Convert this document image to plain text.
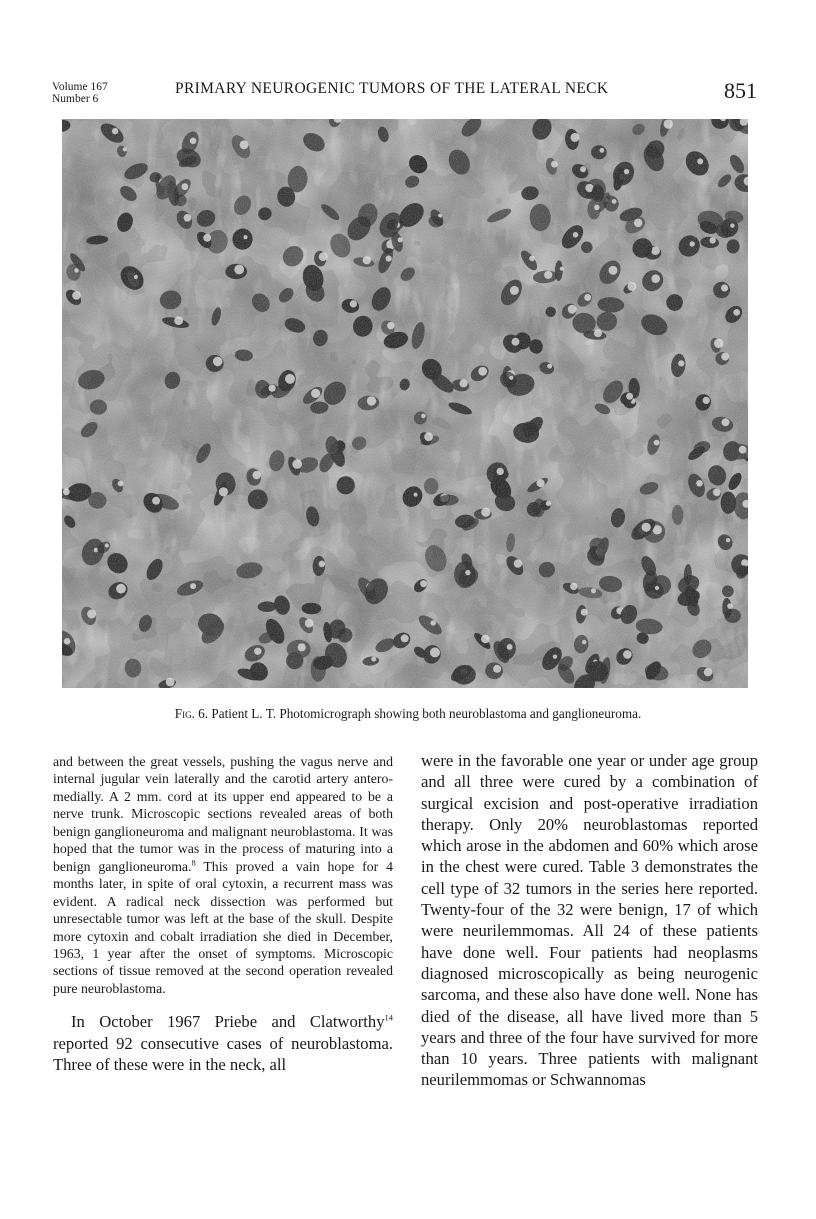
Volume 167
Number 6
PRIMARY NEUROGENIC TUMORS OF THE LATERAL NECK	851
Fig. 6. Patient L. T. Photomicrograph showing both neuroblastoma and ganglioneuroma.

and between the great vessels, pushing the vagus nerve and internal jugular vein laterally and the carotid artery antero-medially. A 2 mm. cord at its upper end appeared to be a nerve trunk. Microscopic sections revealed areas of both benign ganglioneuroma and malignant neuroblastoma. It was hoped that the tumor was in the process of maturing into a benign ganglioneuroma.$^8$ This proved a vain hope for 4 months later, in spite of oral cytoxin, a recurrent mass was evident. A radical neck dissection was performed but unresectable tumor was left at the base of the skull. Despite more cytoxin and cobalt irradiation she died in December, 1963, 1 year after the onset of symptoms. Microscopic sections of tissue removed at the second operation revealed pure neuroblastoma.

In October 1967 Priebe and Clatworthy$^{14}$ reported 92 consecutive cases of neuroblastoma. Three of these were in the neck, all

were in the favorable one year or under age group and all three were cured by a combination of surgical excision and post-operative irradiation therapy. Only 20% neuroblastomas reported which arose in the abdomen and 60% which arose in the chest were cured. Table 3 demonstrates the cell type of 32 tumors in the series here reported. Twenty-four of the 32 were benign, 17 of which were neurilemmomas. All 24 of these patients have done well. Four patients had neoplasms diagnosed microscopically as being neurogenic sarcoma, and these also have done well. None has died of the disease, all have lived more than 5 years and three of the four have survived for more than 10 years. Three patients with malignant neurilemmomas or Schwannomas
